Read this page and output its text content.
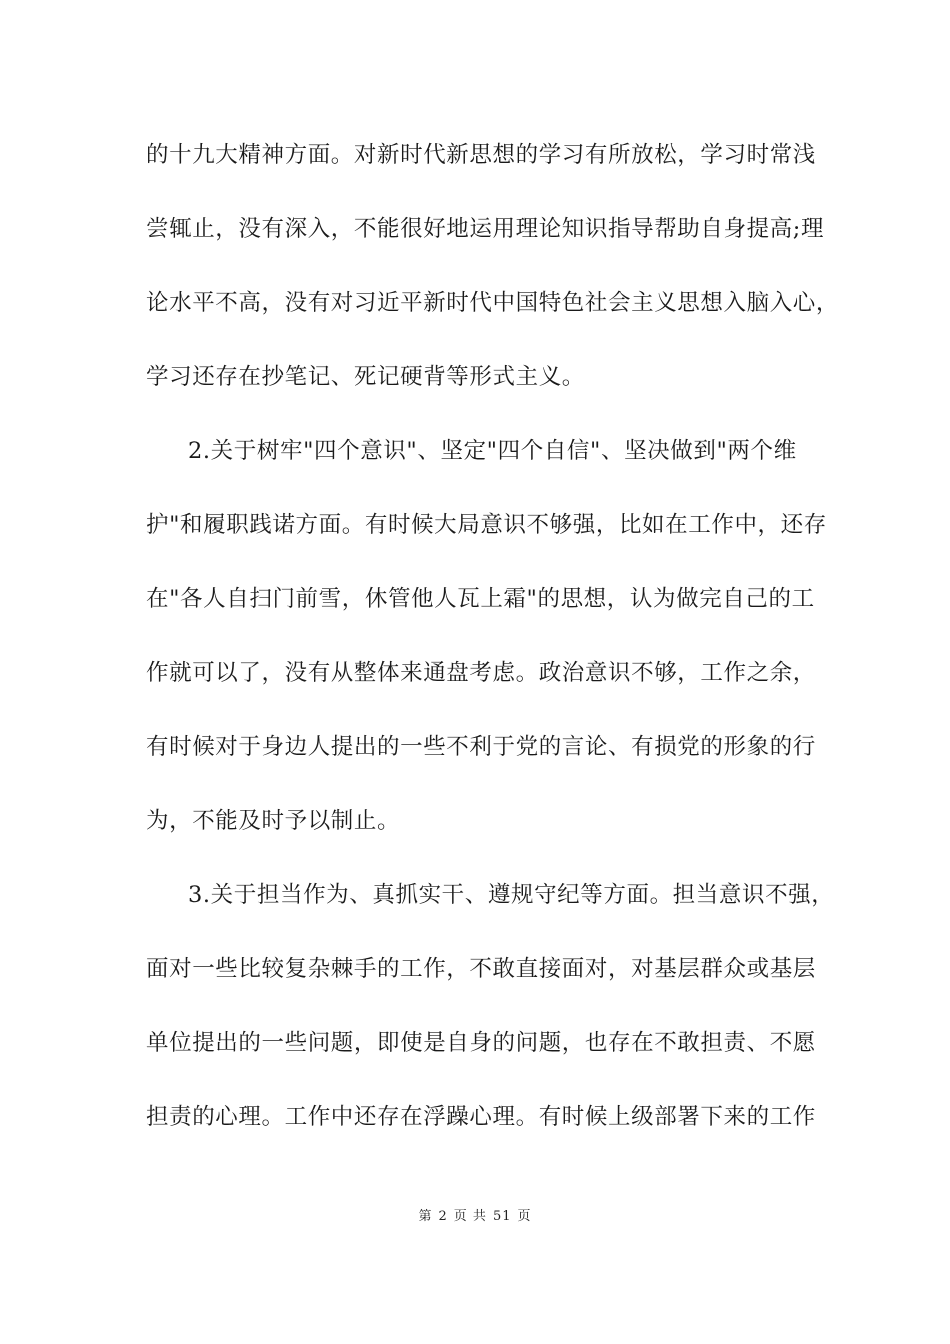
的十九大精神方面。对新时代新思想的学习有所放松，学习时常浅
尝辄止，没有深入，不能很好地运用理论知识指导帮助自身提高;理
论水平不高，没有对习近平新时代中国特色社会主义思想入脑入心，
学习还存在抄笔记、死记硬背等形式主义。
2.关于树牢"四个意识"、坚定"四个自信"、坚决做到"两个维
护"和履职践诺方面。有时候大局意识不够强，比如在工作中，还存
在"各人自扫门前雪，休管他人瓦上霜"的思想，认为做完自己的工
作就可以了，没有从整体来通盘考虑。政治意识不够，工作之余，
有时候对于身边人提出的一些不利于党的言论、有损党的形象的行
为，不能及时予以制止。
3.关于担当作为、真抓实干、遵规守纪等方面。担当意识不强，
面对一些比较复杂棘手的工作，不敢直接面对，对基层群众或基层
单位提出的一些问题，即使是自身的问题，也存在不敢担责、不愿
担责的心理。工作中还存在浮躁心理。有时候上级部署下来的工作
第 2 页 共 51 页
